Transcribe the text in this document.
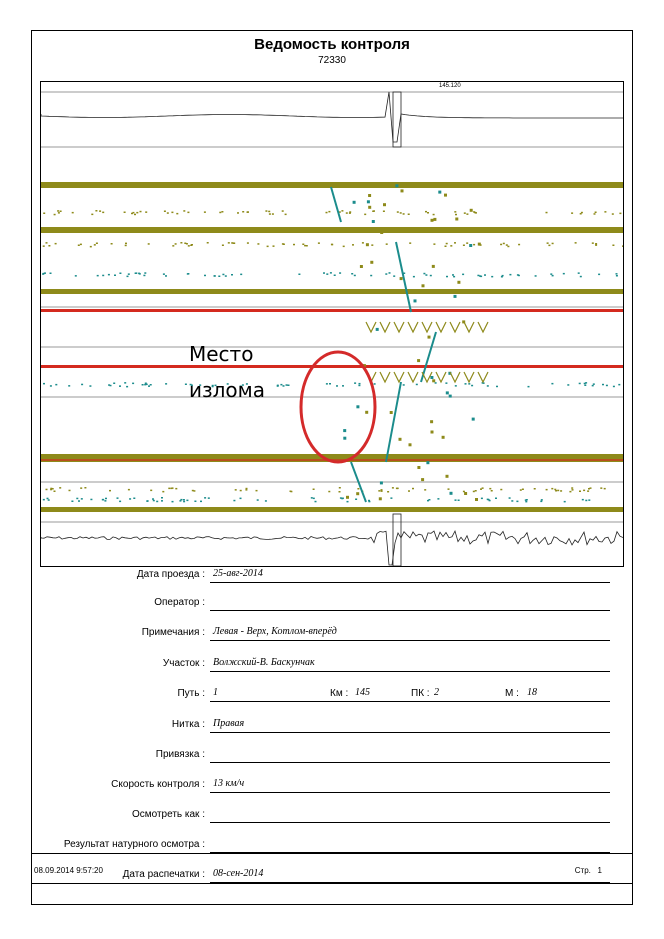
Ведомость контроля
72330
145.120
Место
излома
Дата проезда : 25-авг-2014
Оператор :
Примечания : Левая - Верх, Котлом-вперёд
Участок : Волжский-В. Баскунчак
Путь : 1	Км : 145	ПК : 2	М : 18
Нитка : Правая
Привязка :
Скорость контроля : 13 км/ч
Осмотреть как :
Результат натурного осмотра :
Дата распечатки : 08-сен-2014
08.09.2014 9:57:20	Стр. 1
